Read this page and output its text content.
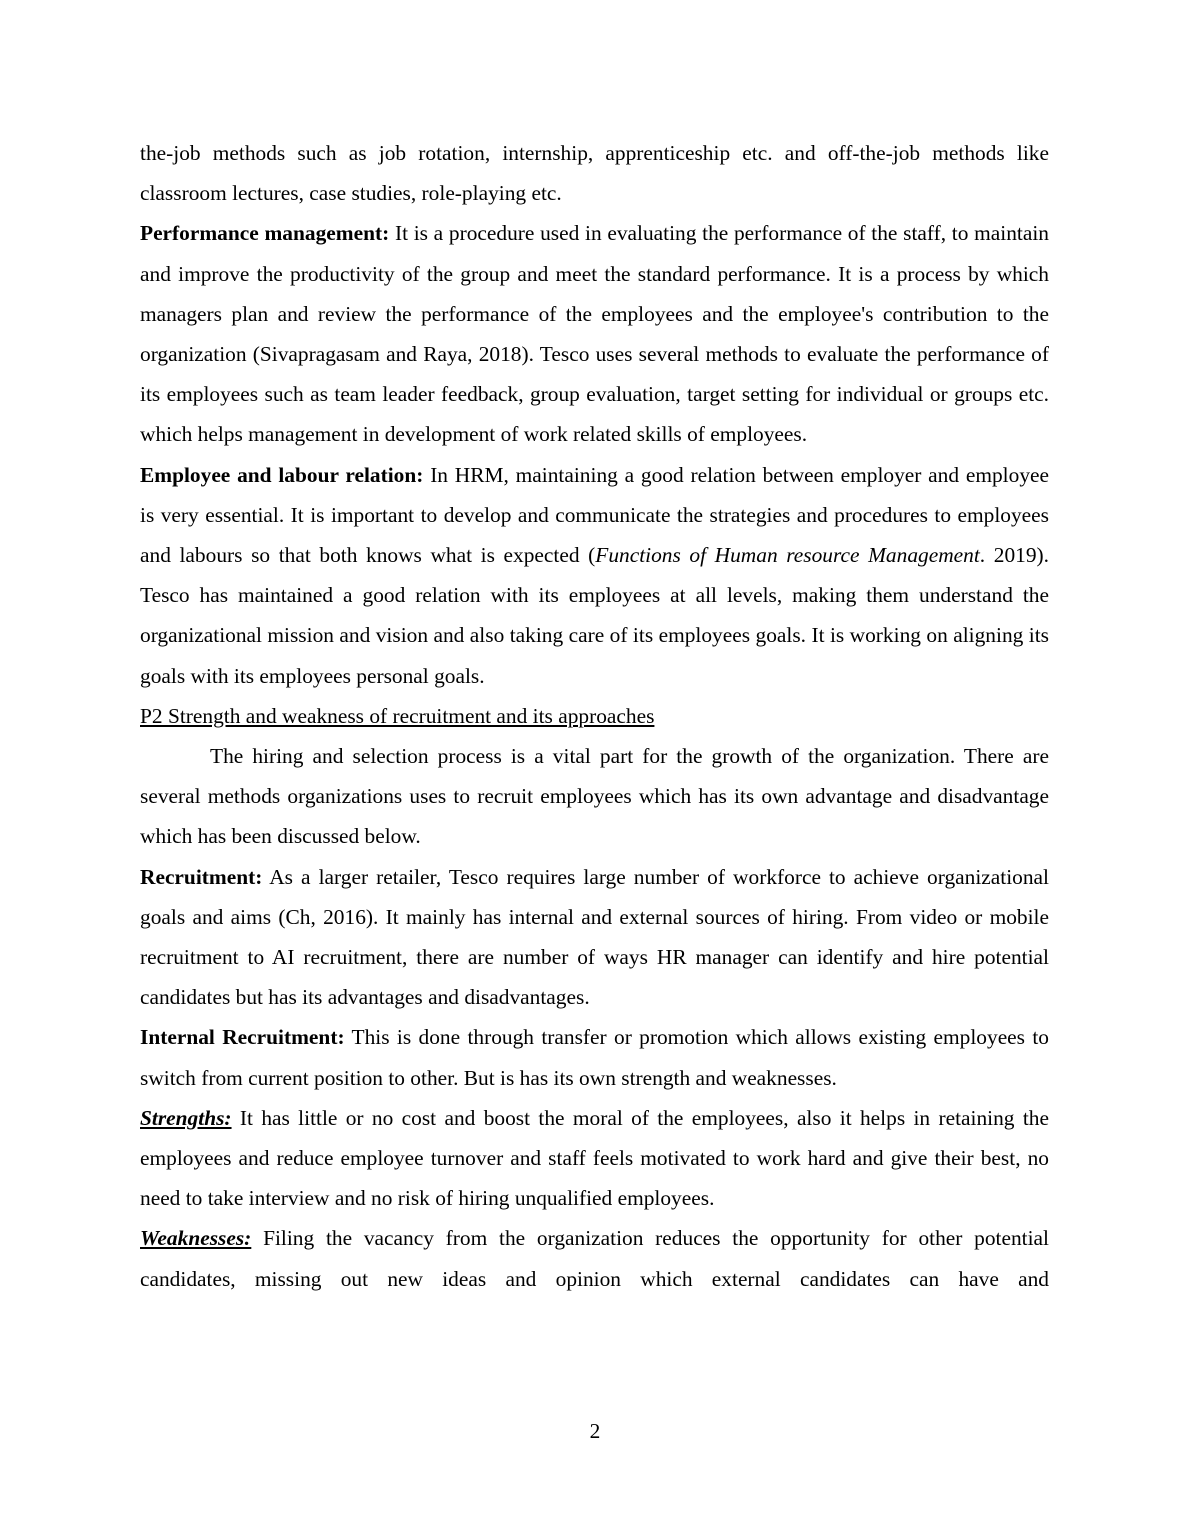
the-job methods such as job rotation, internship, apprenticeship etc. and off-the-job methods like classroom lectures, case studies, role-playing etc.

Performance management: It is a procedure used in evaluating the performance of the staff, to maintain and improve the productivity of the group and meet the standard performance. It is a process by which managers plan and review the performance of the employees and the employee's contribution to the organization (Sivapragasam and Raya, 2018). Tesco uses several methods to evaluate the performance of its employees such as team leader feedback, group evaluation, target setting for individual or groups etc. which helps management in development of work related skills of employees.

Employee and labour relation: In HRM, maintaining a good relation between employer and employee is very essential. It is important to develop and communicate the strategies and procedures to employees and labours so that both knows what is expected (Functions of Human resource Management. 2019). Tesco has maintained a good relation with its employees at all levels, making them understand the organizational mission and vision and also taking care of its employees goals. It is working on aligning its goals with its employees personal goals.

P2 Strength and weakness of recruitment and its approaches

The hiring and selection process is a vital part for the growth of the organization. There are several methods organizations uses to recruit employees which has its own advantage and disadvantage which has been discussed below.

Recruitment: As a larger retailer, Tesco requires large number of workforce to achieve organizational goals and aims (Ch, 2016). It mainly has internal and external sources of hiring. From video or mobile recruitment to AI recruitment, there are number of ways HR manager can identify and hire potential candidates but has its advantages and disadvantages.

Internal Recruitment: This is done through transfer or promotion which allows existing employees to switch from current position to other. But is has its own strength and weaknesses.

Strengths: It has little or no cost and boost the moral of the employees, also it helps in retaining the employees and reduce employee turnover and staff feels motivated to work hard and give their best, no need to take interview and no risk of hiring unqualified employees.

Weaknesses: Filing the vacancy from the organization reduces the opportunity for other potential candidates, missing out new ideas and opinion which external candidates can have and

2
